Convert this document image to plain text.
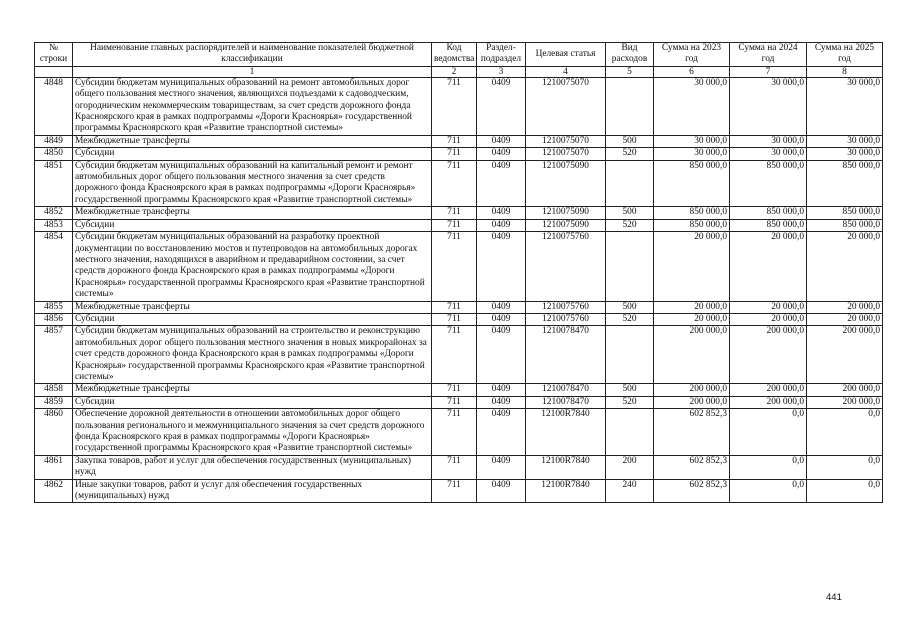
№ строки	Наименование главных распорядителей и наименование показателей бюджетной классификации	Код ведомства	Раздел-подраздел	Целевая статья	Вид расходов	Сумма на 2023 год	Сумма на 2024 год	Сумма на 2025 год
	1	2	3	4	5	6	7	8
4848	Субсидии бюджетам муниципальных образований на ремонт автомобильных дорог общего пользования местного значения, являющихся подъездами к садоводческим, огородническим некоммерческим товариществам, за счет средств дорожного фонда Красноярского края в рамках подпрограммы «Дороги Красноярья» государственной программы Красноярского края «Развитие транспортной системы»	711	0409	1210075070		30 000,0	30 000,0	30 000,0
4849	Межбюджетные трансферты	711	0409	1210075070	500	30 000,0	30 000,0	30 000,0
4850	Субсидии	711	0409	1210075070	520	30 000,0	30 000,0	30 000,0
4851	Субсидии бюджетам муниципальных образований на капитальный ремонт и ремонт автомобильных дорог общего пользования местного значения за счет средств дорожного фонда Красноярского края в рамках подпрограммы «Дороги Красноярья» государственной программы Красноярского края «Развитие транспортной системы»	711	0409	1210075090		850 000,0	850 000,0	850 000,0
4852	Межбюджетные трансферты	711	0409	1210075090	500	850 000,0	850 000,0	850 000,0
4853	Субсидии	711	0409	1210075090	520	850 000,0	850 000,0	850 000,0
4854	Субсидии бюджетам муниципальных образований на разработку проектной документации по восстановлению мостов и путепроводов на автомобильных дорогах местного значения, находящихся в аварийном и предаварийном состоянии, за счет средств дорожного фонда Красноярского края в рамках подпрограммы «Дороги Красноярья» государственной программы Красноярского края «Развитие транспортной системы»	711	0409	1210075760		20 000,0	20 000,0	20 000,0
4855	Межбюджетные трансферты	711	0409	1210075760	500	20 000,0	20 000,0	20 000,0
4856	Субсидии	711	0409	1210075760	520	20 000,0	20 000,0	20 000,0
4857	Субсидии бюджетам муниципальных образований на строительство и реконструкцию автомобильных дорог общего пользования местного значения в новых микрорайонах за счет средств дорожного фонда Красноярского края в рамках подпрограммы «Дороги Красноярья» государственной программы Красноярского края «Развитие транспортной системы»	711	0409	1210078470		200 000,0	200 000,0	200 000,0
4858	Межбюджетные трансферты	711	0409	1210078470	500	200 000,0	200 000,0	200 000,0
4859	Субсидии	711	0409	1210078470	520	200 000,0	200 000,0	200 000,0
4860	Обеспечение дорожной деятельности в отношении автомобильных дорог общего пользования регионального и межмуниципального значения за счет средств дорожного фонда Красноярского края в рамках подпрограммы «Дороги Красноярья» государственной программы Красноярского края «Развитие транспортной системы»	711	0409	12100R7840		602 852,3	0,0	0,0
4861	Закупка товаров, работ и услуг для обеспечения государственных (муниципальных) нужд	711	0409	12100R7840	200	602 852,3	0,0	0,0
4862	Иные закупки товаров, работ и услуг для обеспечения государственных (муниципальных) нужд	711	0409	12100R7840	240	602 852,3	0,0	0,0
441
